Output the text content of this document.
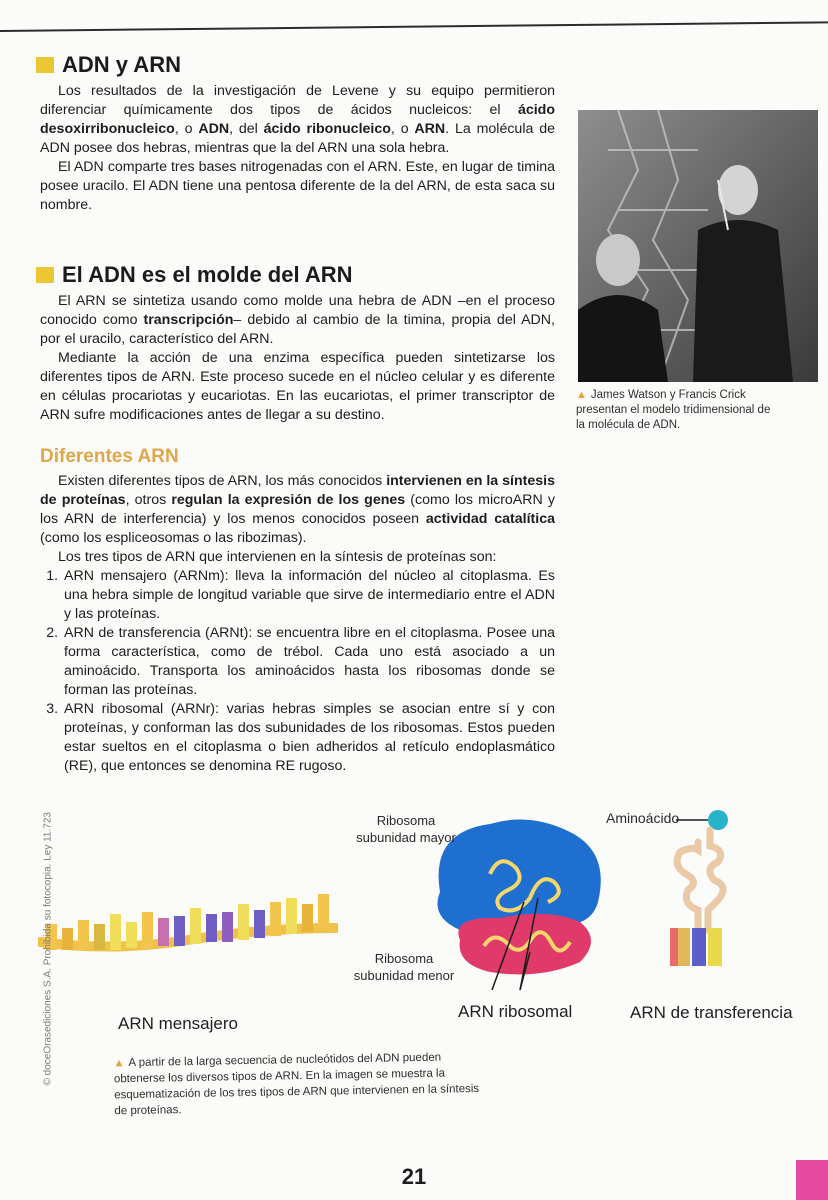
ADN y ARN

Los resultados de la investigación de Levene y su equipo permitieron diferenciar químicamente dos tipos de ácidos nucleicos: el ácido desoxirribonucleico, o ADN, del ácido ribonucleico, o ARN. La molécula de ADN posee dos hebras, mientras que la del ARN una sola hebra.

El ADN comparte tres bases nitrogenadas con el ARN. Este, en lugar de timina posee uracilo. El ADN tiene una pentosa diferente de la del ARN, de esta saca su nombre.

El ADN es el molde del ARN

El ARN se sintetiza usando como molde una hebra de ADN –en el proceso conocido como transcripción– debido al cambio de la timina, propia del ADN, por el uracilo, característico del ARN.

Mediante la acción de una enzima específica pueden sintetizarse los diferentes tipos de ARN. Este proceso sucede en el núcleo celular y es diferente en células procariotas y eucariotas. En las eucariotas, el primer transcriptor de ARN sufre modificaciones antes de llegar a su destino.

Diferentes ARN

Existen diferentes tipos de ARN, los más conocidos intervienen en la síntesis de proteínas, otros regulan la expresión de los genes (como los microARN y los ARN de interferencia) y los menos conocidos poseen actividad catalítica (como los espliceosomas o las ribozimas).

Los tres tipos de ARN que intervienen en la síntesis de proteínas son:

1. ARN mensajero (ARNm): lleva la información del núcleo al citoplasma. Es una hebra simple de longitud variable que sirve de intermediario entre el ADN y las proteínas.
2. ARN de transferencia (ARNt): se encuentra libre en el citoplasma. Posee una forma característica, como de trébol. Cada uno está asociado a un aminoácido. Transporta los aminoácidos hasta los ribosomas donde se forman las proteínas.
3. ARN ribosomal (ARNr): varias hebras simples se asocian entre sí y con proteínas, y conforman las dos subunidades de los ribosomas. Estos pueden estar sueltos en el citoplasma o bien adheridos al retículo endoplasmático (RE), que entonces se denomina RE rugoso.
▲ James Watson y Francis Crick presentan el modelo tridimensional de la molécula de ADN.
ARN mensajero
Ribosoma subunidad mayor
Ribosoma subunidad menor
ARN ribosomal
Aminoácido
ARN de transferencia
▲ A partir de la larga secuencia de nucleótidos del ADN pueden obtenerse los diversos tipos de ARN. En la imagen se muestra la esquematización de los tres tipos de ARN que intervienen en la síntesis de proteínas.
© doceOrasediciones S.A. Prohibida su fotocopia. Ley 11.723
21
